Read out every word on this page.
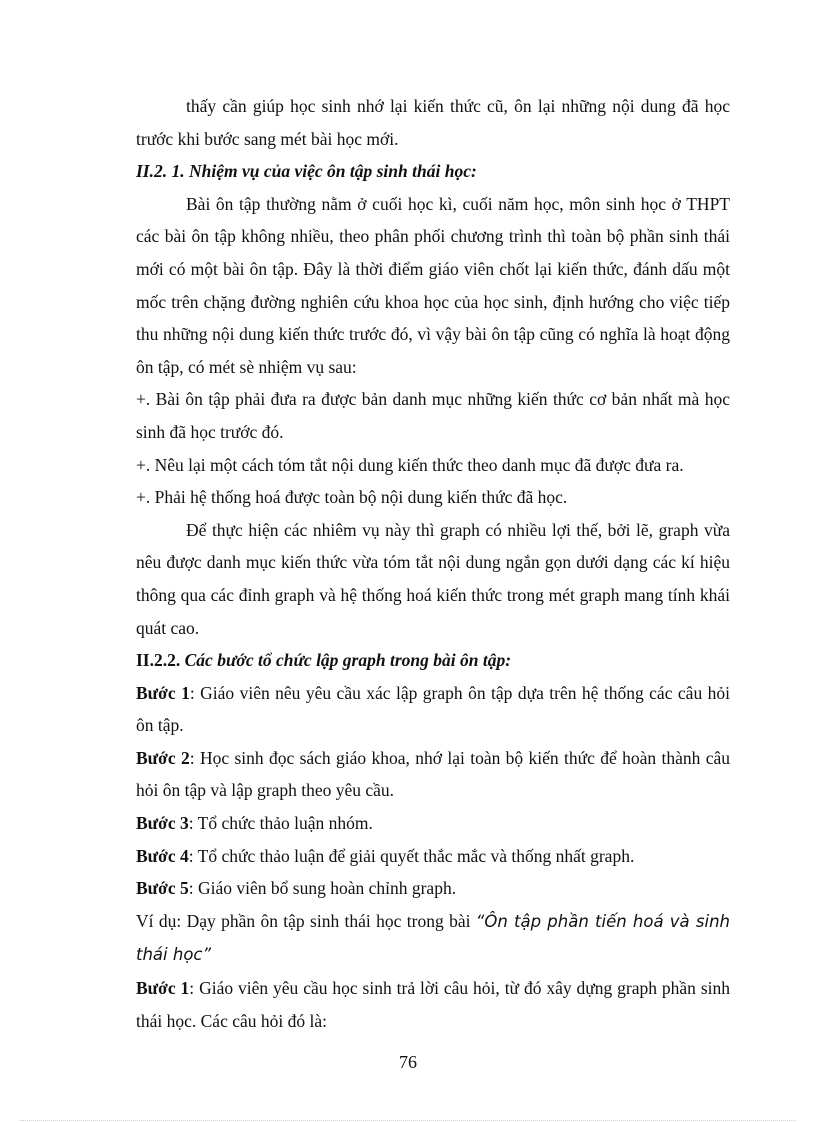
thấy cần giúp học sinh nhớ lại kiến thức cũ, ôn lại những nội dung đã học trước khi bước sang mét bài học mới.

II.2. 1. Nhiệm vụ của việc ôn tập sinh thái học:

Bài ôn tập thường nằm ở cuối học kì, cuối năm học, môn sinh học ở THPT các bài ôn tập không nhiều, theo phân phối chương trình thì toàn bộ phần sinh thái mới có một bài ôn tập. Đây là thời điểm giáo viên chốt lại kiến thức, đánh dấu một mốc trên chặng đường nghiên cứu khoa học của học sinh, định hướng cho việc tiếp thu những nội dung kiến thức trước đó, vì vậy bài ôn tập cũng có nghĩa là hoạt động ôn tập, có mét sè nhiệm vụ sau:

+. Bài ôn tập phải đưa ra được bản danh mục những kiến thức cơ bản nhất mà học sinh đã học trước đó.

+. Nêu lại một cách tóm tắt nội dung kiến thức theo danh mục đã được đưa ra.

+. Phải hệ thống hoá được toàn bộ nội dung kiến thức đã học.

Để thực hiện các nhiêm vụ này thì graph có nhiều lợi thế, bởi lẽ, graph vừa nêu được danh mục kiến thức vừa tóm tắt nội dung ngắn gọn dưới dạng các kí hiệu thông qua các đỉnh graph và hệ thống hoá kiến thức trong mét graph mang tính khái quát cao.

II.2.2. Các bước tổ chức lập graph trong bài ôn tập:

Bước 1: Giáo viên nêu yêu cầu xác lập graph ôn tập dựa trên hệ thống các câu hỏi ôn tập.

Bước 2: Học sinh đọc sách giáo khoa, nhớ lại toàn bộ kiến thức để hoàn thành câu hỏi ôn tập và lập graph theo yêu cầu.

Bước 3: Tổ chức thảo luận nhóm.

Bước 4: Tổ chức thảo luận để giải quyết thắc mắc và thống nhất graph.

Bước 5: Giáo viên bổ sung hoàn chỉnh graph.

Ví dụ: Dạy phần ôn tập sinh thái học trong bài “Ôn tập phần tiến hoá và sinh thái học”

Bước 1: Giáo viên yêu cầu học sinh trả lời câu hỏi, từ đó xây dựng graph phần sinh thái học. Các câu hỏi đó là:

76
